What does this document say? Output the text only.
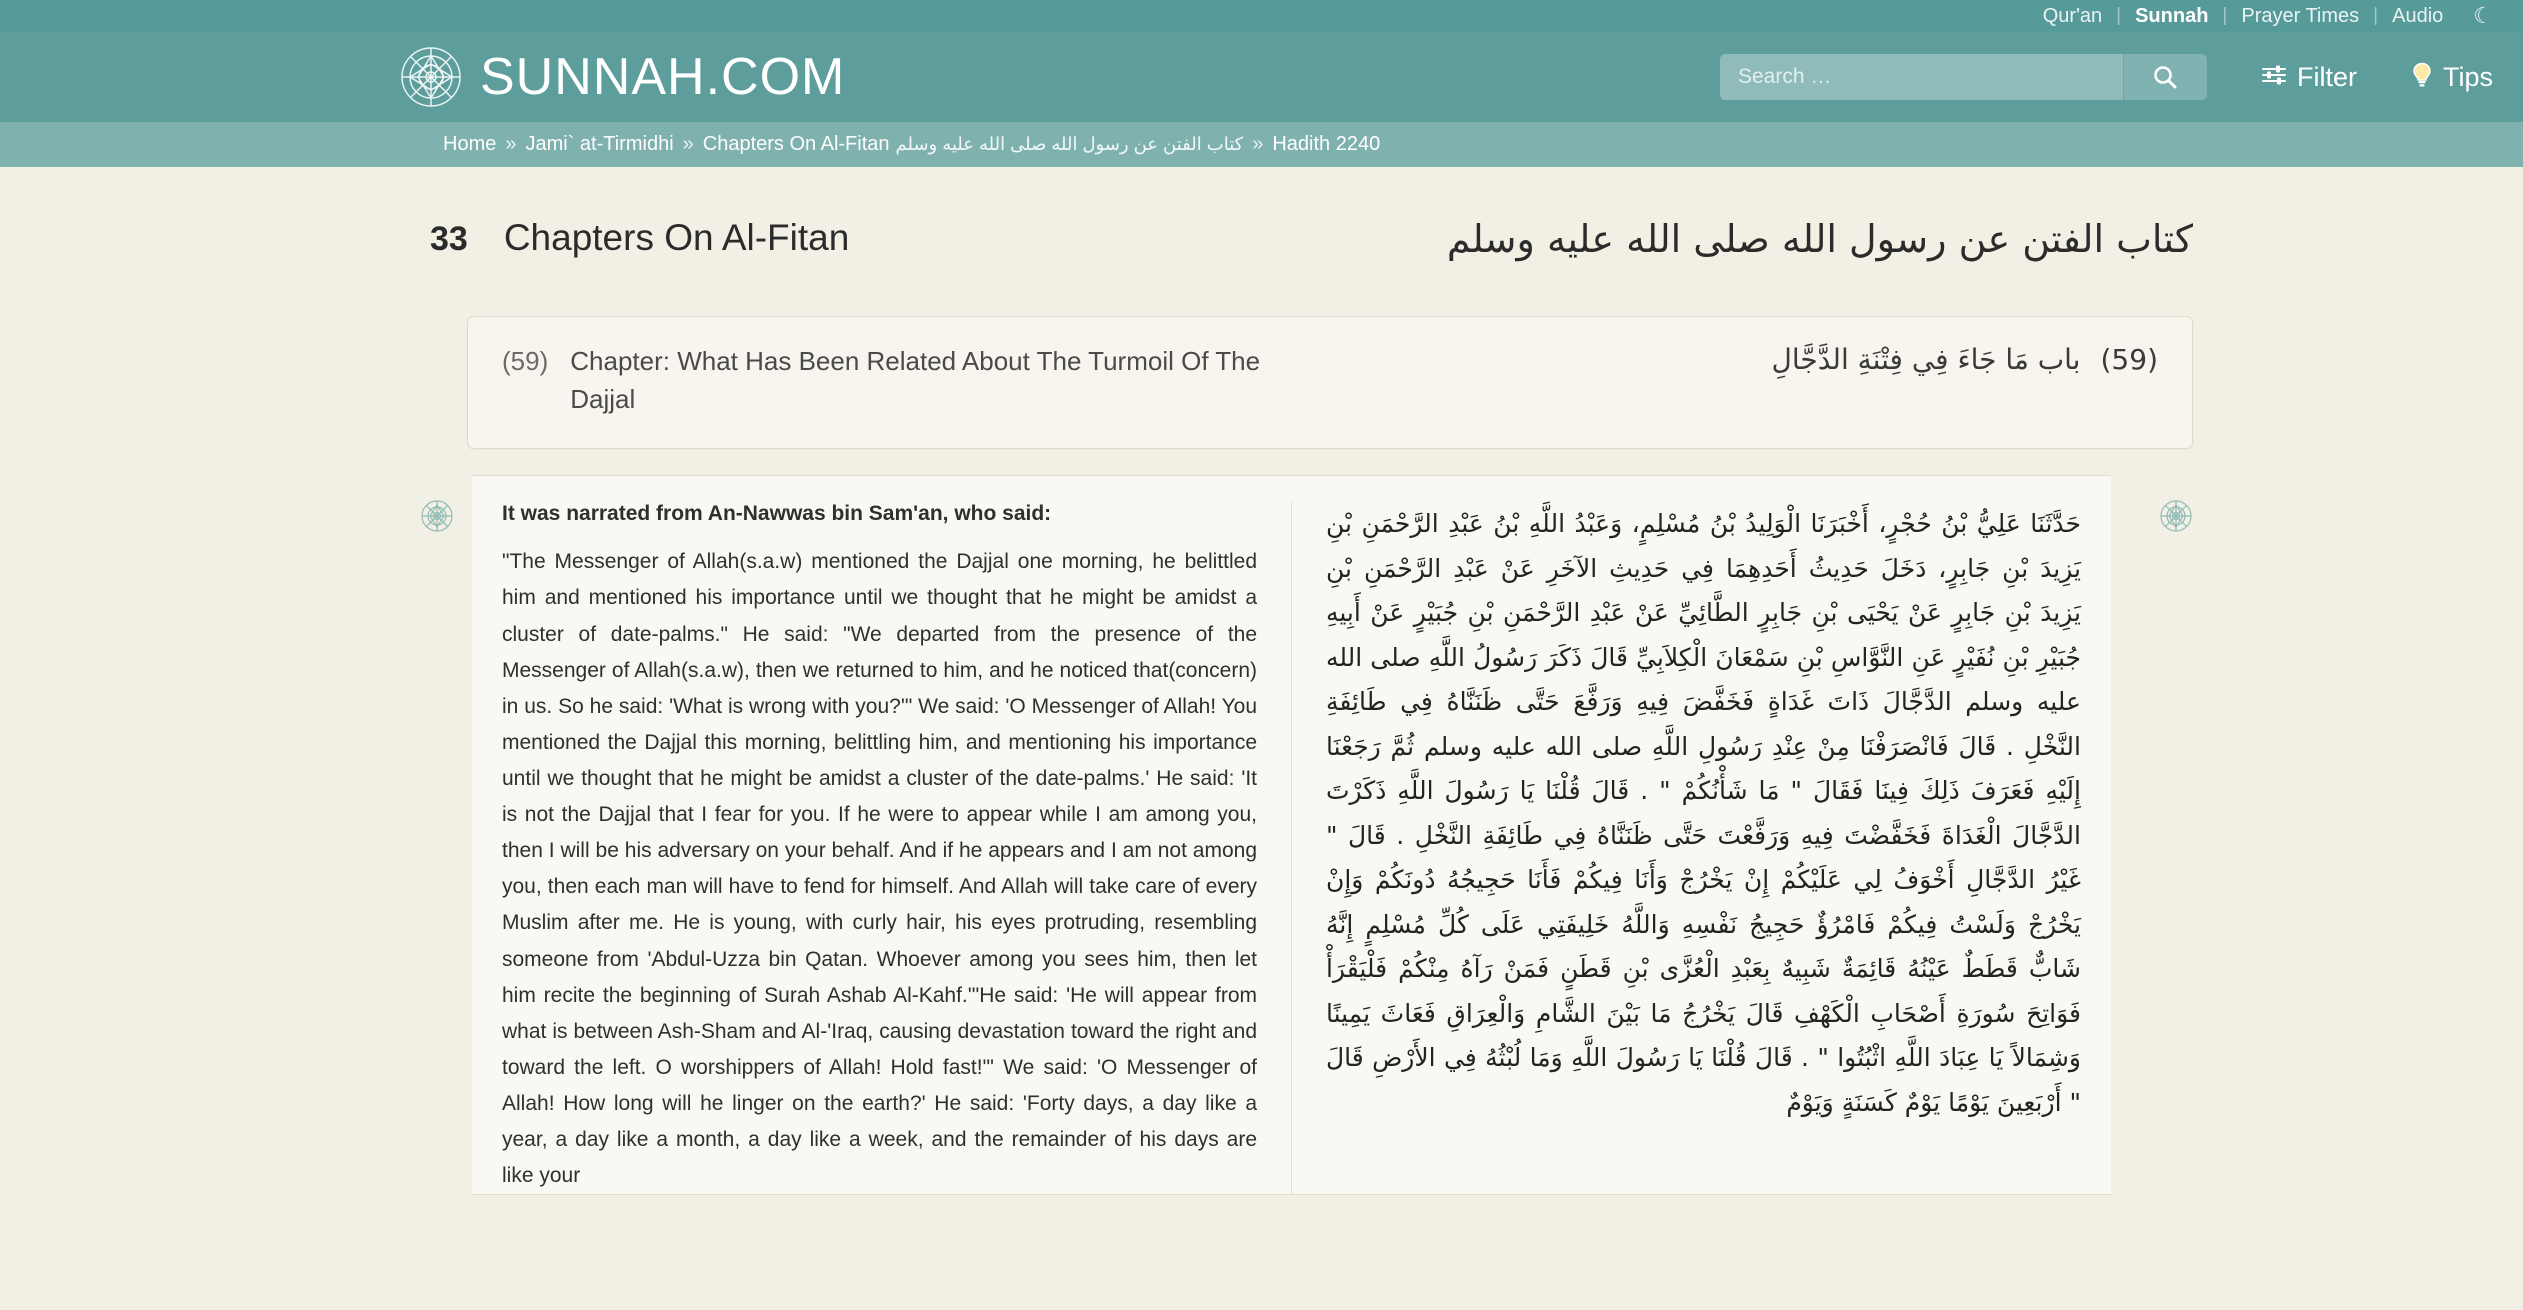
Qur'an | Sunnah | Prayer Times | Audio	☾
SUNNAH.COM
Search …	Filter	Tips
Home » Jami` at-Tirmidhi » Chapters On Al-Fitan كتاب الفتن عن رسول الله صلى الله عليه وسلم » Hadith 2240
33 Chapters On Al-Fitan	كتاب الفتن عن رسول الله صلى الله عليه وسلم
(59) Chapter: What Has Been Related About The Turmoil Of The Dajjal
(59)
باب مَا جَاءَ فِي فِتْنَةِ الدَّجَّالِ

It was narrated from An-Nawwas bin Sam'an, who said:

"The Messenger of Allah(s.a.w) mentioned the Dajjal one morning, he belittled him and mentioned his importance until we thought that he might be amidst a cluster of date-palms." He said: "We departed from the presence of the Messenger of Allah(s.a.w), then we returned to him, and he noticed that(concern) in us. So he said: 'What is wrong with you?'" We said: 'O Messenger of Allah! You mentioned the Dajjal this morning, belittling him, and mentioning his importance until we thought that he might be amidst a cluster of the date-palms.' He said: 'It is not the Dajjal that I fear for you. If he were to appear while I am among you, then I will be his adversary on your behalf. And if he appears and I am not among you, then each man will have to fend for himself. And Allah will take care of every Muslim after me. He is young, with curly hair, his eyes protruding, resembling someone from 'Abdul-Uzza bin Qatan. Whoever among you sees him, then let him recite the beginning of Surah Ashab Al-Kahf.'"He said: 'He will appear from what is between Ash-Sham and Al-'Iraq, causing devastation toward the right and toward the left. O worshippers of Allah! Hold fast!"' We said: 'O Messenger of Allah! How long will he linger on the earth?' He said: 'Forty days, a day like a year, a day like a month, a day like a week, and the remainder of his days are like your

حَدَّثَنَا عَلِيُّ بْنُ حُجْرٍ، أَخْبَرَنَا الْوَلِيدُ بْنُ مُسْلِمٍ، وَعَبْدُ اللَّهِ بْنُ عَبْدِ الرَّحْمَنِ بْنِ يَزِيدَ بْنِ جَابِرٍ، دَخَلَ حَدِيثُ أَحَدِهِمَا فِي حَدِيثِ الآخَرِ عَنْ عَبْدِ الرَّحْمَنِ بْنِ يَزِيدَ بْنِ جَابِرٍ عَنْ يَحْيَى بْنِ جَابِرٍ الطَّائِيِّ عَنْ عَبْدِ الرَّحْمَنِ بْنِ جُبَيْرٍ عَنْ أَبِيهِ جُبَيْرِ بْنِ نُفَيْرٍ عَنِ النَّوَّاسِ بْنِ سَمْعَانَ الْكِلاَبِيِّ قَالَ ذَكَرَ رَسُولُ اللَّهِ صلى الله عليه وسلم الدَّجَّالَ ذَاتَ غَدَاةٍ فَخَفَّضَ فِيهِ وَرَفَّعَ حَتَّى ظَنَنَّاهُ فِي طَائِفَةِ النَّخْلِ . قَالَ فَانْصَرَفْنَا مِنْ عِنْدِ رَسُولِ اللَّهِ صلى الله عليه وسلم ثُمَّ رَجَعْنَا إِلَيْهِ فَعَرَفَ ذَلِكَ فِينَا فَقَالَ " مَا شَأْنُكُمْ " . قَالَ قُلْنَا يَا رَسُولَ اللَّهِ ذَكَرْتَ الدَّجَّالَ الْغَدَاةَ فَخَفَّضْتَ فِيهِ وَرَفَّعْتَ حَتَّى ظَنَنَّاهُ فِي طَائِفَةِ النَّخْلِ . قَالَ " غَيْرُ الدَّجَّالِ أَخْوَفُ لِي عَلَيْكُمْ إِنْ يَخْرُجْ وَأَنَا فِيكُمْ فَأَنَا حَجِيجُهُ دُونَكُمْ وَإِنْ يَخْرُجْ وَلَسْتُ فِيكُمْ فَامْرُؤٌ حَجِيجُ نَفْسِهِ وَاللَّهُ خَلِيفَتِي عَلَى كُلِّ مُسْلِمٍ إِنَّهُ شَابٌّ قَطَطٌ عَيْنُهُ قَائِمَةٌ شَبِيهٌ بِعَبْدِ الْعُزَّى بْنِ قَطَنٍ فَمَنْ رَآهُ مِنْكُمْ فَلْيَقْرَأْ فَوَاتِحَ سُورَةِ أَصْحَابِ الْكَهْفِ قَالَ يَخْرُجُ مَا بَيْنَ الشَّامِ وَالْعِرَاقِ فَعَاثَ يَمِينًا وَشِمَالاً يَا عِبَادَ اللَّهِ اثْبُتُوا " . قَالَ قُلْنَا يَا رَسُولَ اللَّهِ وَمَا لُبْثُهُ فِي الأَرْضِ قَالَ " أَرْبَعِينَ يَوْمًا يَوْمٌ كَسَنَةٍ وَيَوْمٌ
